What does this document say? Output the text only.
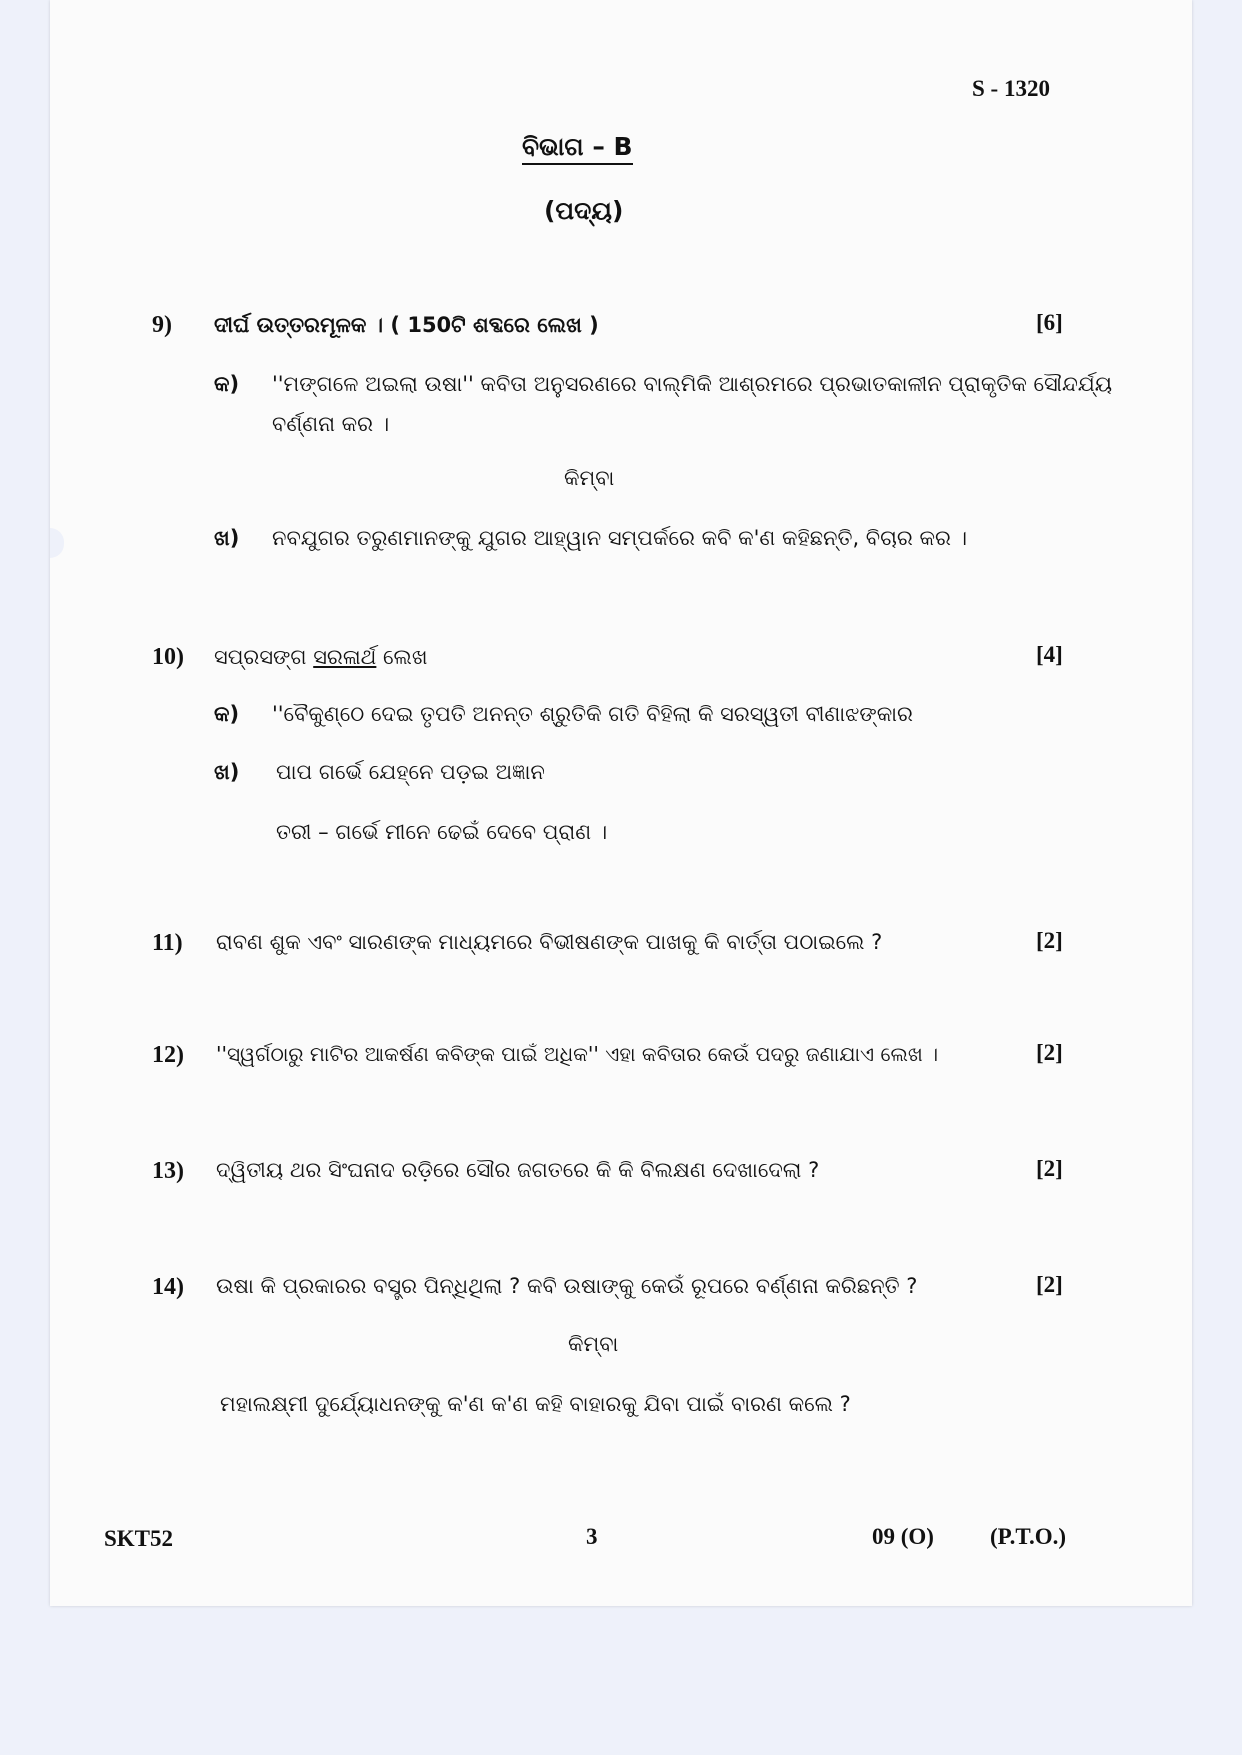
S - 1320
ବିଭାଗ – B
(ପଦ୍ୟ)
9) ଦୀର୍ଘ ଉତ୍ତରମୂଳକ । ( 150ଟି ଶବ୍ଦରେ ଲେଖ )	[6]
କ) ''ମଙ୍ଗଳେ ଅଇଲା ଉଷା'' କବିତା ଅନୁସରଣରେ ବାଲ୍ମିକି ଆଶ୍ରମରେ ପ୍ରଭାତକାଳୀନ ପ୍ରାକୃତିକ ସୌନ୍ଦର୍ଯ୍ୟ
ବର୍ଣ୍ଣନା କର ।
କିମ୍ବା
ଖ) ନବଯୁଗର ତରୁଣମାନଙ୍କୁ ଯୁଗର ଆହ୍ୱାନ ସମ୍ପର୍କରେ କବି କ'ଣ କହିଛନ୍ତି, ବିଚାର କର ।
10) ସପ୍ରସଙ୍ଗ ସରଳାର୍ଥ ଲେଖ	[4]
କ) ''ବୈକୁଣ୍ଠେ ଦେଇ ତୃପତି ଅନନ୍ତ ଶ୍ରୁତିକି ଗତି ବିହିଲା କି ସରସ୍ୱତୀ ବୀଣାଝଙ୍କାର
ଖ) ପାପ ଗର୍ଭେ ଯେହ୍ନେ ପଡ଼ଇ ଅଜ୍ଞାନ
ତରୀ – ଗର୍ଭେ ମୀନେ ଢେଇଁ ଦେବେ ପ୍ରାଣ ।
11) ରାବଣ ଶୁକ ଏବଂ ସାରଣଙ୍କ ମାଧ୍ୟମରେ ବିଭୀଷଣଙ୍କ ପାଖକୁ କି ବାର୍ତ୍ତା ପଠାଇଲେ ?	[2]
12) ''ସ୍ୱର୍ଗଠାରୁ ମାଟିର ଆକର୍ଷଣ କବିଙ୍କ ପାଇଁ ଅଧିକ'' ଏହା କବିତାର କେଉଁ ପଦରୁ ଜଣାଯାଏ ଲେଖ ।	[2]
13) ଦ୍ୱିତୀୟ ଥର ସିଂଘନାଦ ରଡ଼ିରେ ସୌର ଜଗତରେ କି କି ବିଲକ୍ଷଣ ଦେଖାଦେଲା ?	[2]
14) ଉଷା କି ପ୍ରକାରର ବସ୍ତ୍ର ପିନ୍ଧିଥିଲା ? କବି ଉଷାଙ୍କୁ କେଉଁ ରୂପରେ ବର୍ଣ୍ଣନା କରିଛନ୍ତି ?	[2]
କିମ୍ବା
ମହାଲକ୍ଷ୍ମୀ ଦୁର୍ଯ୍ୟୋଧନଙ୍କୁ କ'ଣ କ'ଣ କହି ବାହାରକୁ ଯିବା ପାଇଁ ବାରଣ କଲେ ?
SKT52	3	09 (O) (P.T.O.)
